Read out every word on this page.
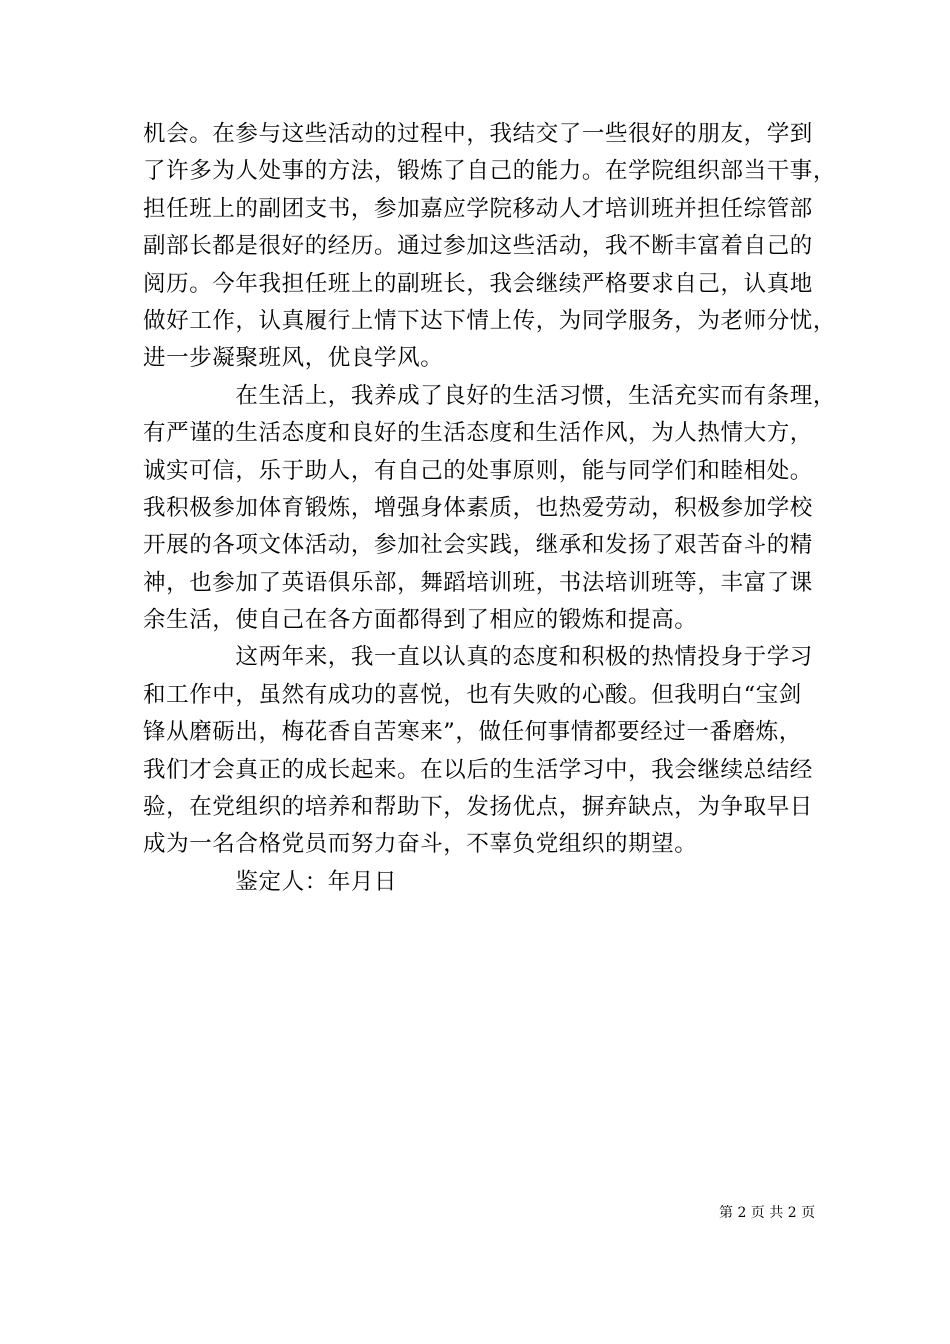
机会。在参与这些活动的过程中，我结交了一些很好的朋友，学到
了许多为人处事的方法，锻炼了自己的能力。在学院组织部当干事，
担任班上的副团支书，参加嘉应学院移动人才培训班并担任综管部
副部长都是很好的经历。通过参加这些活动，我不断丰富着自己的
阅历。今年我担任班上的副班长，我会继续严格要求自己，认真地
做好工作，认真履行上情下达下情上传，为同学服务，为老师分忧，
进一步凝聚班风，优良学风。
　　　　在生活上，我养成了良好的生活习惯，生活充实而有条理，
有严谨的生活态度和良好的生活态度和生活作风，为人热情大方，
诚实可信，乐于助人，有自己的处事原则，能与同学们和睦相处。
我积极参加体育锻炼，增强身体素质，也热爱劳动，积极参加学校
开展的各项文体活动，参加社会实践，继承和发扬了艰苦奋斗的精
神，也参加了英语俱乐部，舞蹈培训班，书法培训班等，丰富了课
余生活，使自己在各方面都得到了相应的锻炼和提高。
　　　　这两年来，我一直以认真的态度和积极的热情投身于学习
和工作中，虽然有成功的喜悦，也有失败的心酸。但我明白“宝剑
锋从磨砺出，梅花香自苦寒来”，做任何事情都要经过一番磨炼，
我们才会真正的成长起来。在以后的生活学习中，我会继续总结经
验，在党组织的培养和帮助下，发扬优点，摒弃缺点，为争取早日
成为一名合格党员而努力奋斗，不辜负党组织的期望。
　　　　鉴定人：年月日
第 2 页 共 2 页
